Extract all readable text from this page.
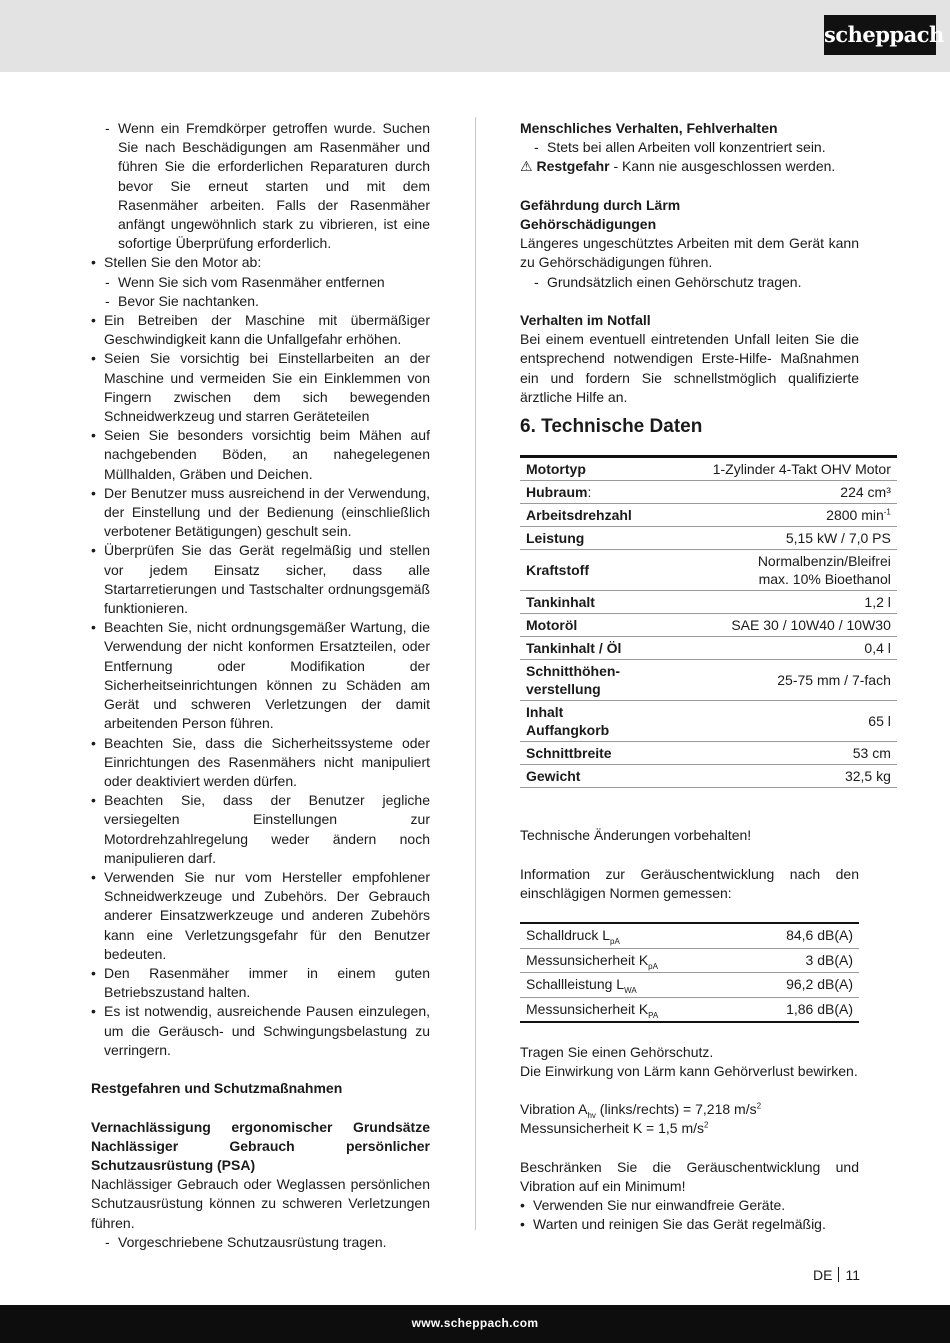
scheppach
- Wenn ein Fremdkörper getroffen wurde. Suchen Sie nach Beschädigungen am Rasenmäher und führen Sie die erforderlichen Reparaturen durch bevor Sie erneut starten und mit dem Rasenmäher arbeiten. Falls der Rasenmäher anfängt ungewöhnlich stark zu vibrieren, ist eine sofortige Überprüfung erforderlich.
• Stellen Sie den Motor ab:
- Wenn Sie sich vom Rasenmäher entfernen
- Bevor Sie nachtanken.
• Ein Betreiben der Maschine mit übermäßiger Geschwindigkeit kann die Unfallgefahr erhöhen.
• Seien Sie vorsichtig bei Einstellarbeiten an der Maschine und vermeiden Sie ein Einklemmen von Fingern zwischen dem sich bewegenden Schneidwerkzeug und starren Geräteteilen
• Seien Sie besonders vorsichtig beim Mähen auf nachgebenden Böden, an nahegelegenen Müllhalden, Gräben und Deichen.
• Der Benutzer muss ausreichend in der Verwendung, der Einstellung und der Bedienung (einschließlich verbotener Betätigungen) geschult sein.
• Überprüfen Sie das Gerät regelmäßig und stellen vor jedem Einsatz sicher, dass alle Startarretierungen und Tastschalter ordnungsgemäß funktionieren.
• Beachten Sie, nicht ordnungsgemäßer Wartung, die Verwendung der nicht konformen Ersatzteilen, oder Entfernung oder Modifikation der Sicherheitseinrichtungen können zu Schäden am Gerät und schweren Verletzungen der damit arbeitenden Person führen.
• Beachten Sie, dass die Sicherheitssysteme oder Einrichtungen des Rasenmähers nicht manipuliert oder deaktiviert werden dürfen.
• Beachten Sie, dass der Benutzer jegliche versiegelten Einstellungen zur Motordrehzahlregelung weder ändern noch manipulieren darf.
• Verwenden Sie nur vom Hersteller empfohlener Schneidwerkzeuge und Zubehörs. Der Gebrauch anderer Einsatzwerkzeuge und anderen Zubehörs kann eine Verletzungsgefahr für den Benutzer bedeuten.
• Den Rasenmäher immer in einem guten Betriebszustand halten.
• Es ist notwendig, ausreichende Pausen einzulegen, um die Geräusch- und Schwingungsbelastung zu verringern.
Restgefahren und Schutzmaßnahmen
Vernachlässigung ergonomischer Grundsätze Nachlässiger Gebrauch persönlicher Schutzausrüstung (PSA)
Nachlässiger Gebrauch oder Weglassen persönlichen Schutzausrüstung können zu schweren Verletzungen führen.
- Vorgeschriebene Schutzausrüstung tragen.
Menschliches Verhalten, Fehlverhalten
- Stets bei allen Arbeiten voll konzentriert sein.
⚠ Restgefahr - Kann nie ausgeschlossen werden.
Gefährdung durch Lärm
Gehörschädigungen
Längeres ungeschütztes Arbeiten mit dem Gerät kann zu Gehörschädigungen führen.
- Grundsätzlich einen Gehörschutz tragen.
Verhalten im Notfall
Bei einem eventuell eintretenden Unfall leiten Sie die entsprechend notwendigen Erste-Hilfe- Maßnahmen ein und fordern Sie schnellstmöglich qualifizierte ärztliche Hilfe an.
6. Technische Daten
Motortyp	1-Zylinder 4-Takt OHV Motor
Hubraum:	224 cm³
Arbeitsdrehzahl	2800 $\min^{-1}$
Leistung	5,15 kW / 7,0 PS
Kraftstoff	Normalbenzin/Bleifrei max. 10% Bioethanol
Tankinhalt	1,2 l
Motoröl	SAE 30 / 10W40 / 10W30
Tankinhalt / Öl	0,4 l
Schnitthöhen-verstellung	25-75 mm / 7-fach
Inhalt Auffangkorb	65 l
Schnittbreite	53 cm
Gewicht	32,5 kg
Technische Änderungen vorbehalten!
Information zur Geräuschentwicklung nach den einschlägigen Normen gemessen:
Schalldruck $L_{pA}$	84,6 dB(A)
Messunsicherheit $K_{pA}$	3 dB(A)
Schallleistung $L_{WA}$	96,2 dB(A)
Messunsicherheit $K_{PA}$	1,86 dB(A)
Tragen Sie einen Gehörschutz.
Die Einwirkung von Lärm kann Gehörverlust bewirken.
Vibration $A_{hv}$ (links/rechts) = 7,218 $m/s^2$
Messunsicherheit K = 1,5 $m/s^2$
Beschränken Sie die Geräuschentwicklung und Vibration auf ein Minimum!
• Verwenden Sie nur einwandfreie Geräte.
• Warten und reinigen Sie das Gerät regelmäßig.
DE 11
www.scheppach.com
